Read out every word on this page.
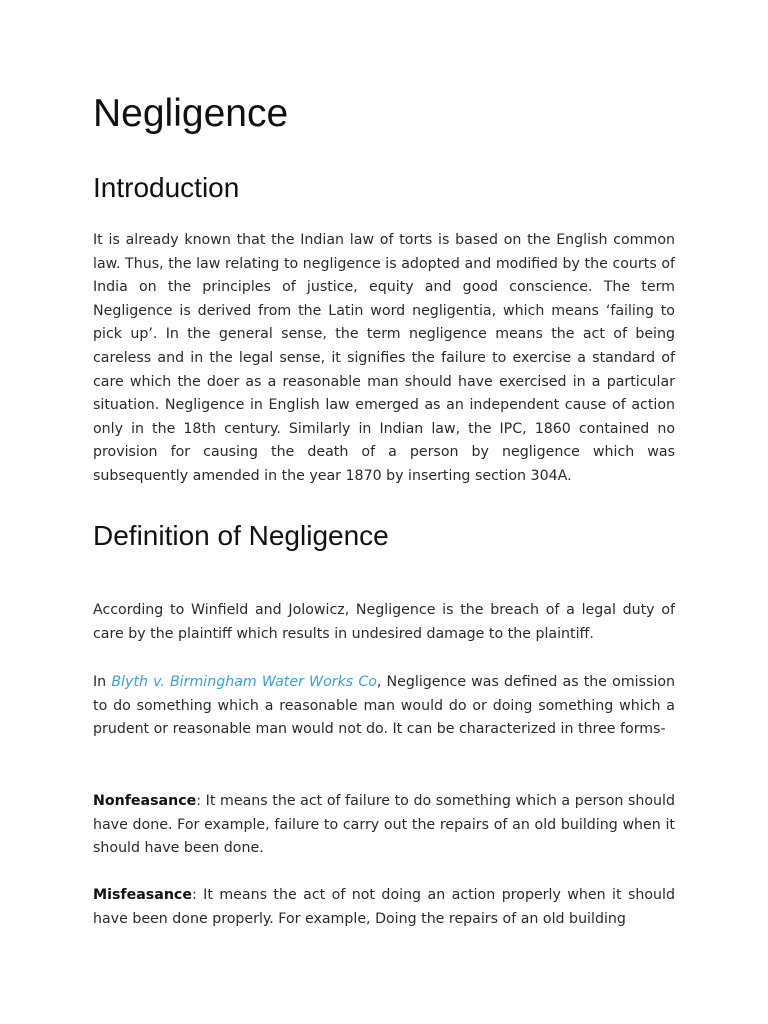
Negligence
Introduction

It is already known that the Indian law of torts is based on the English common law. Thus, the law relating to negligence is adopted and modified by the courts of India on the principles of justice, equity and good conscience. The term Negligence is derived from the Latin word negligentia, which means ‘failing to pick up’. In the general sense, the term negligence means the act of being careless and in the legal sense, it signifies the failure to exercise a standard of care which the doer as a reasonable man should have exercised in a particular situation. Negligence in English law emerged as an independent cause of action only in the 18th century. Similarly in Indian law, the IPC, 1860 contained no provision for causing the death of a person by negligence which was subsequently amended in the year 1870 by inserting section 304A.

Definition of Negligence

According to Winfield and Jolowicz, Negligence is the breach of a legal duty of care by the plaintiff which results in undesired damage to the plaintiff.

In Blyth v. Birmingham Water Works Co, Negligence was defined as the omission to do something which a reasonable man would do or doing something which a prudent or reasonable man would not do. It can be characterized in three forms-

Nonfeasance: It means the act of failure to do something which a person should have done. For example, failure to carry out the repairs of an old building when it should have been done.

Misfeasance: It means the act of not doing an action properly when it should have been done properly. For example, Doing the repairs of an old building
